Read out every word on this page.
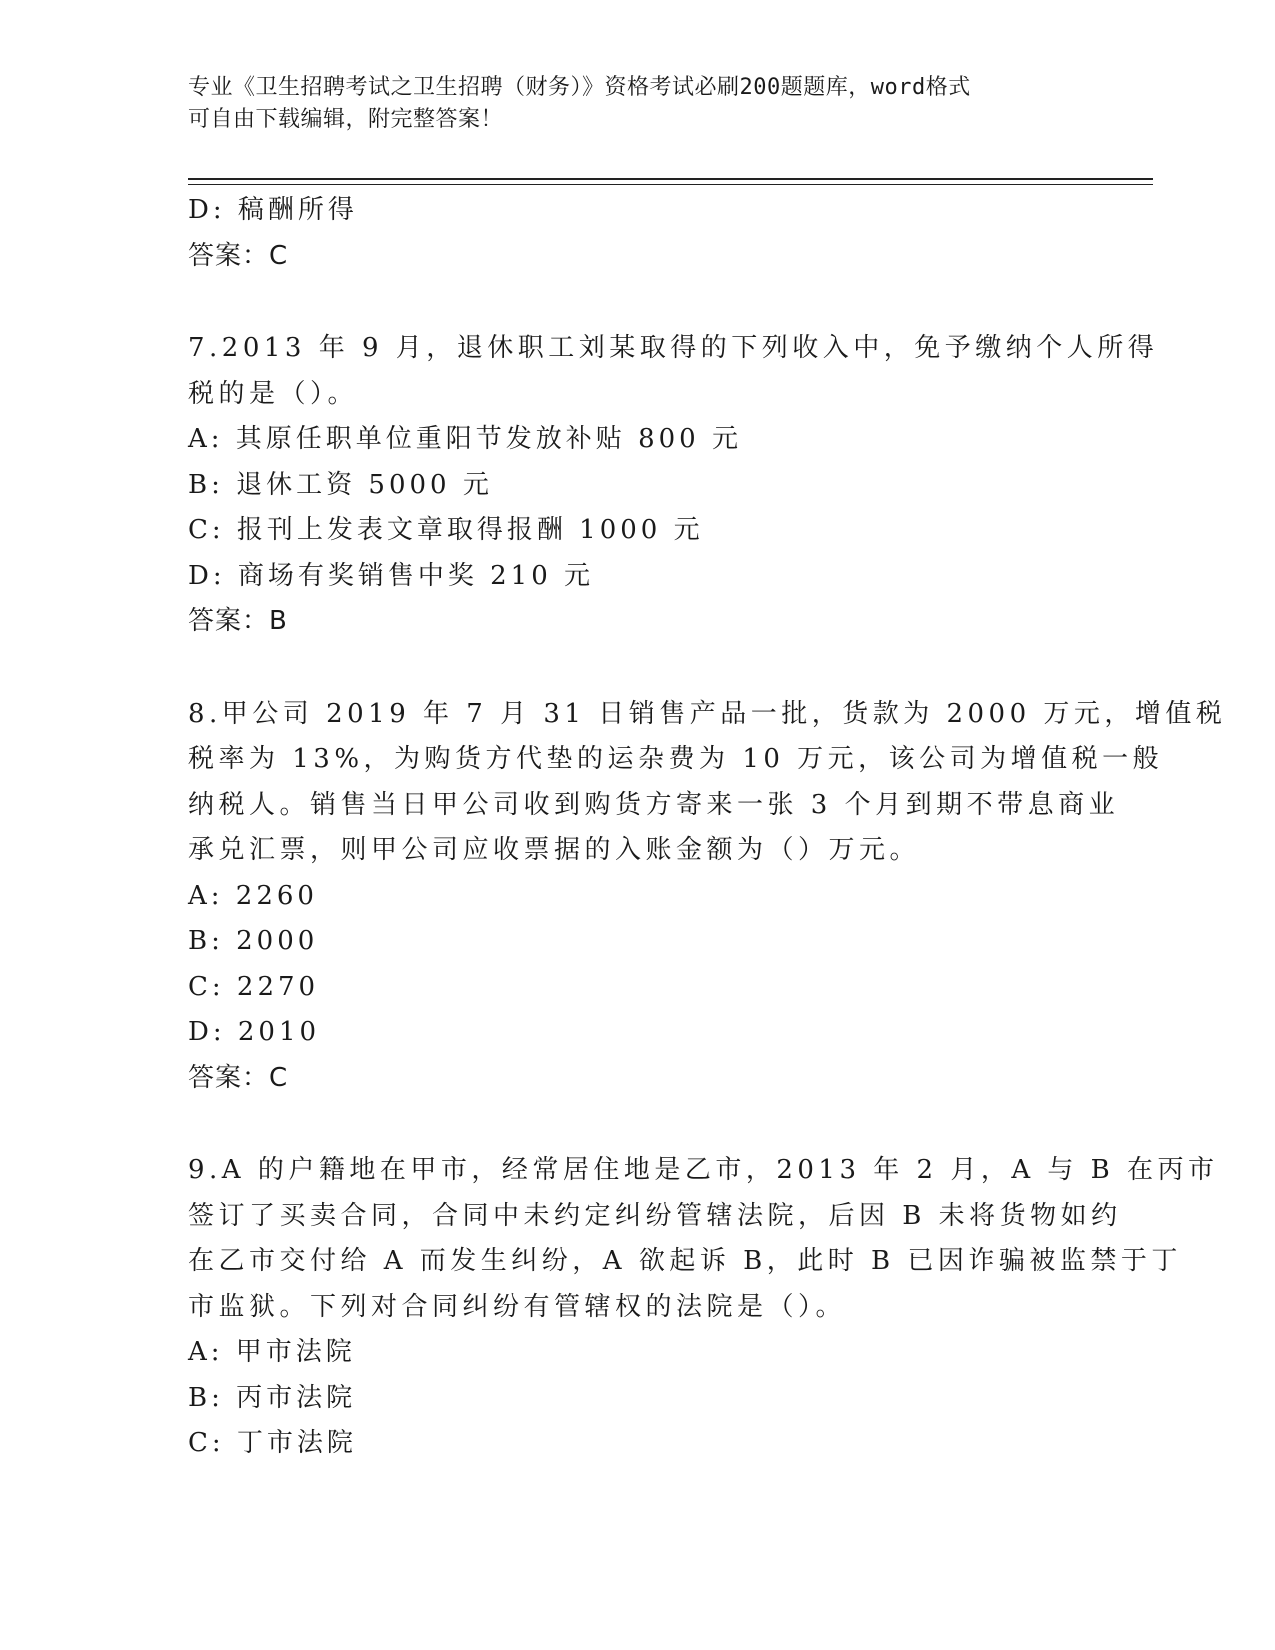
专业《卫生招聘考试之卫生招聘（财务）》资格考试必刷200题题库，word格式
可自由下载编辑，附完整答案！
D: 稿酬所得
答案：C
7.2013 年 9 月，退休职工刘某取得的下列收入中，免予缴纳个人所得
税的是（）。
A: 其原任职单位重阳节发放补贴 800 元
B: 退休工资 5000 元
C: 报刊上发表文章取得报酬 1000 元
D: 商场有奖销售中奖 210 元
答案：B
8.甲公司 2019 年 7 月 31 日销售产品一批，货款为 2000 万元，增值税
税率为 13%，为购货方代垫的运杂费为 10 万元，该公司为增值税一般
纳税人。销售当日甲公司收到购货方寄来一张 3 个月到期不带息商业
承兑汇票，则甲公司应收票据的入账金额为（）万元。
A: 2260
B: 2000
C: 2270
D: 2010
答案：C
9.A 的户籍地在甲市，经常居住地是乙市，2013 年 2 月，A 与 B 在丙市
签订了买卖合同，合同中未约定纠纷管辖法院，后因 B 未将货物如约
在乙市交付给 A 而发生纠纷，A 欲起诉 B，此时 B 已因诈骗被监禁于丁
市监狱。下列对合同纠纷有管辖权的法院是（）。
A: 甲市法院
B: 丙市法院
C: 丁市法院
